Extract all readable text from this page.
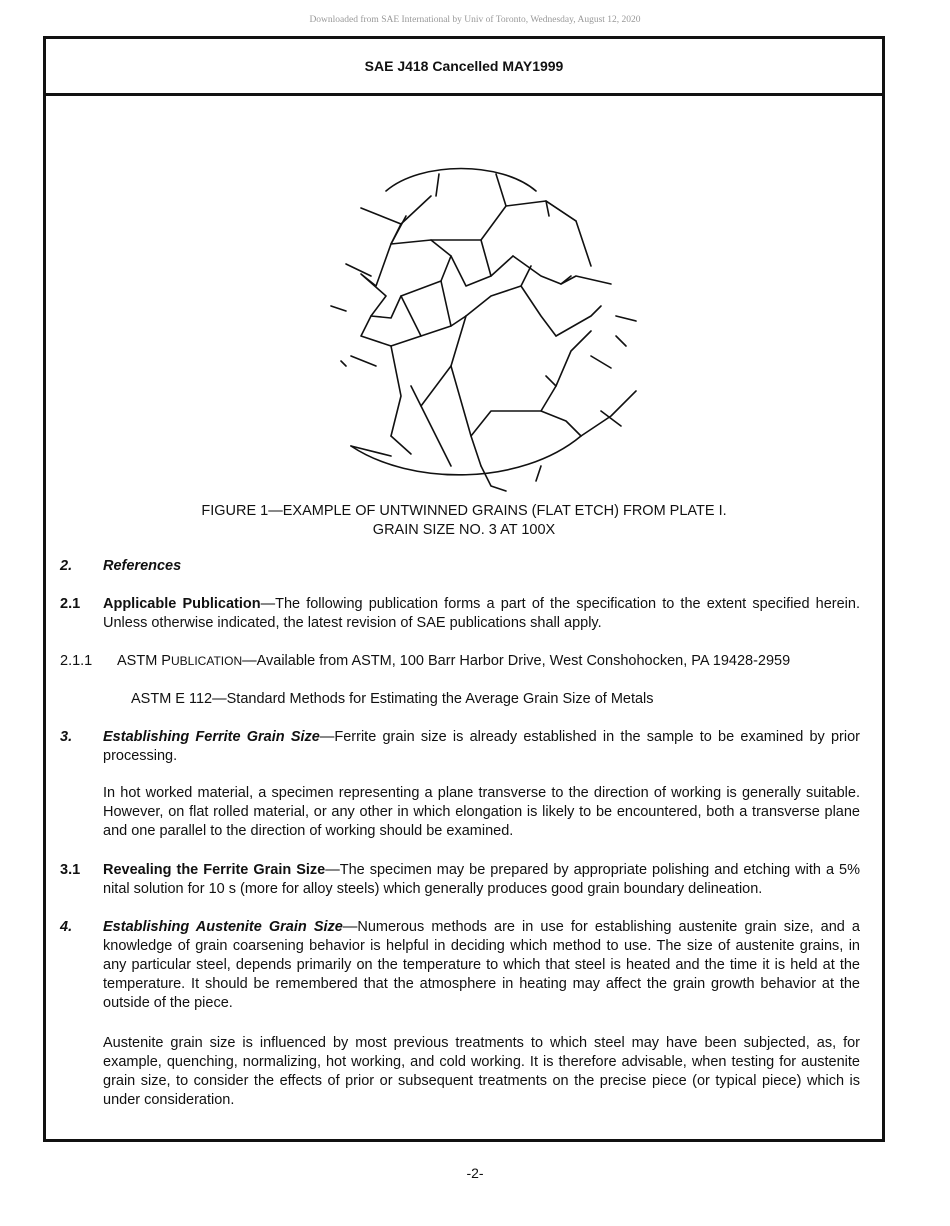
Downloaded from SAE International by Univ of Toronto, Wednesday, August 12, 2020
SAE J418 Cancelled MAY1999
FIGURE 1—EXAMPLE OF UNTWINNED GRAINS (FLAT ETCH) FROM PLATE I.
GRAIN SIZE NO. 3 AT 100X
2.	References
2.1	Applicable Publication—The following publication forms a part of the specification to the extent specified herein. Unless otherwise indicated, the latest revision of SAE publications shall apply.
2.1.1	ASTM PUBLICATION—Available from ASTM, 100 Barr Harbor Drive, West Conshohocken, PA 19428-2959
ASTM E 112—Standard Methods for Estimating the Average Grain Size of Metals
3.	Establishing Ferrite Grain Size—Ferrite grain size is already established in the sample to be examined by prior processing.
In hot worked material, a specimen representing a plane transverse to the direction of working is generally suitable. However, on flat rolled material, or any other in which elongation is likely to be encountered, both a transverse plane and one parallel to the direction of working should be examined.
3.1	Revealing the Ferrite Grain Size—The specimen may be prepared by appropriate polishing and etching with a 5% nital solution for 10 s (more for alloy steels) which generally produces good grain boundary delineation.
4.	Establishing Austenite Grain Size—Numerous methods are in use for establishing austenite grain size, and a knowledge of grain coarsening behavior is helpful in deciding which method to use. The size of austenite grains, in any particular steel, depends primarily on the temperature to which that steel is heated and the time it is held at the temperature. It should be remembered that the atmosphere in heating may affect the grain growth behavior at the outside of the piece.
Austenite grain size is influenced by most previous treatments to which steel may have been subjected, as, for example, quenching, normalizing, hot working, and cold working. It is therefore advisable, when testing for austenite grain size, to consider the effects of prior or subsequent treatments on the precise piece (or typical piece) which is under consideration.
-2-
